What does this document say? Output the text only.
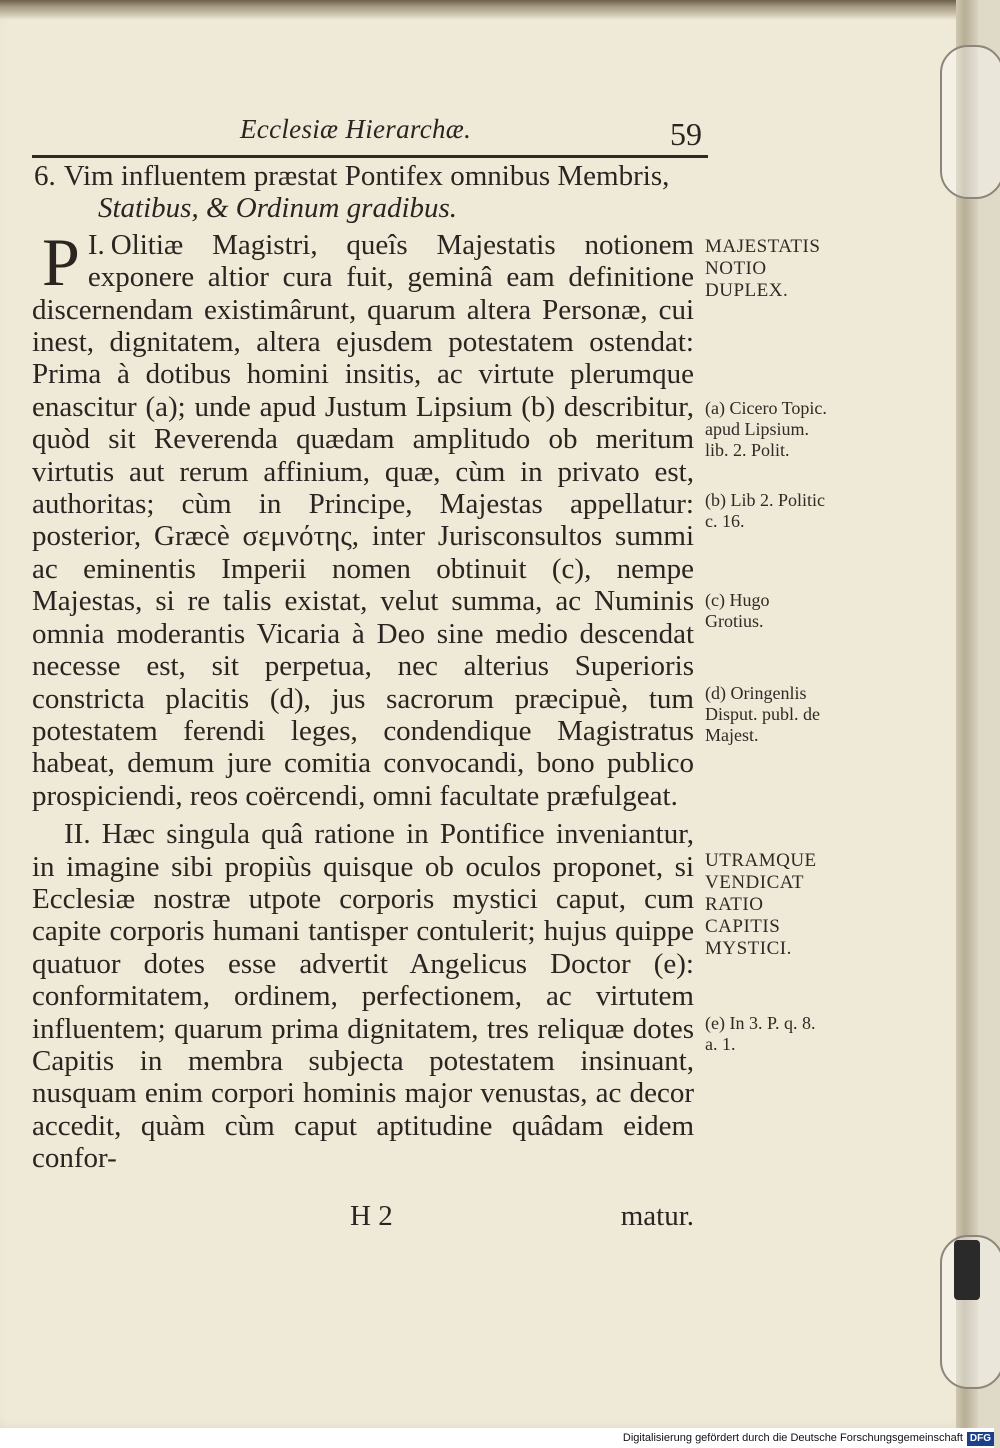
Ecclesiæ Hierarchæ.	59

6. Vim influentem præstat Pontifex omnibus Membris,
Statibus, & Ordinum gradibus.

I.
P Olitiæ Magistri, queîs Majestatis notionem exponere altior cura fuit, geminâ eam definitione discernendam existimârunt, quarum altera Personæ, cui inest, dignitatem, altera ejusdem potestatem ostendat: Prima à dotibus homini insitis, ac virtute plerumque enascitur (a); unde apud Justum Lipsium (b) describitur, quòd sit Reverenda quædam amplitudo ob meritum virtutis aut rerum affinium, quæ, cùm in privato est, authoritas; cùm in Principe, Majestas appellatur: posterior, Græcè σεμνότης, inter Jurisconsultos summi ac eminentis Imperii nomen obtinuit (c), nempe Majestas, si re talis existat, velut summa, ac Numinis omnia moderantis Vicaria à Deo sine medio descendat necesse est, sit perpetua, nec alterius Superioris constricta placitis (d), jus sacrorum præcipuè, tum potestatem ferendi leges, condendique Magistratus habeat, demum jure comitia convocandi, bono publico prospiciendi, reos coërcendi, omni facultate præfulgeat.

II. Hæc singula quâ ratione in Pontifice inveniantur, in imagine sibi propiùs quisque ob oculos proponet, si Ecclesiæ nostræ utpote corporis mystici caput, cum capite corporis humani tantisper contulerit; hujus quippe quatuor dotes esse advertit Angelicus Doctor (e): conformitatem, ordinem, perfectionem, ac virtutem influentem; quarum prima dignitatem, tres reliquæ dotes Capitis in membra subjecta potestatem insinuant, nusquam enim corpori hominis major venustas, ac decor accedit, quàm cùm caput aptitudine quâdam eidem confor-

H 2	matur.
MAJESTATIS NOTIO DUPLEX.
(a) Cicero Topic. apud Lipsium. lib. 2. Polit.
(b) Lib 2. Politic c. 16.
(c) Hugo Grotius.
(d) Oringenlis Disput. publ. de Majest.
UTRAMQUE VENDICAT RATIO CAPITIS MYSTICI.
(e) In 3. P. q. 8. a. 1.
Digitalisierung gefördert durch die Deutsche Forschungsgemeinschaft DFG
